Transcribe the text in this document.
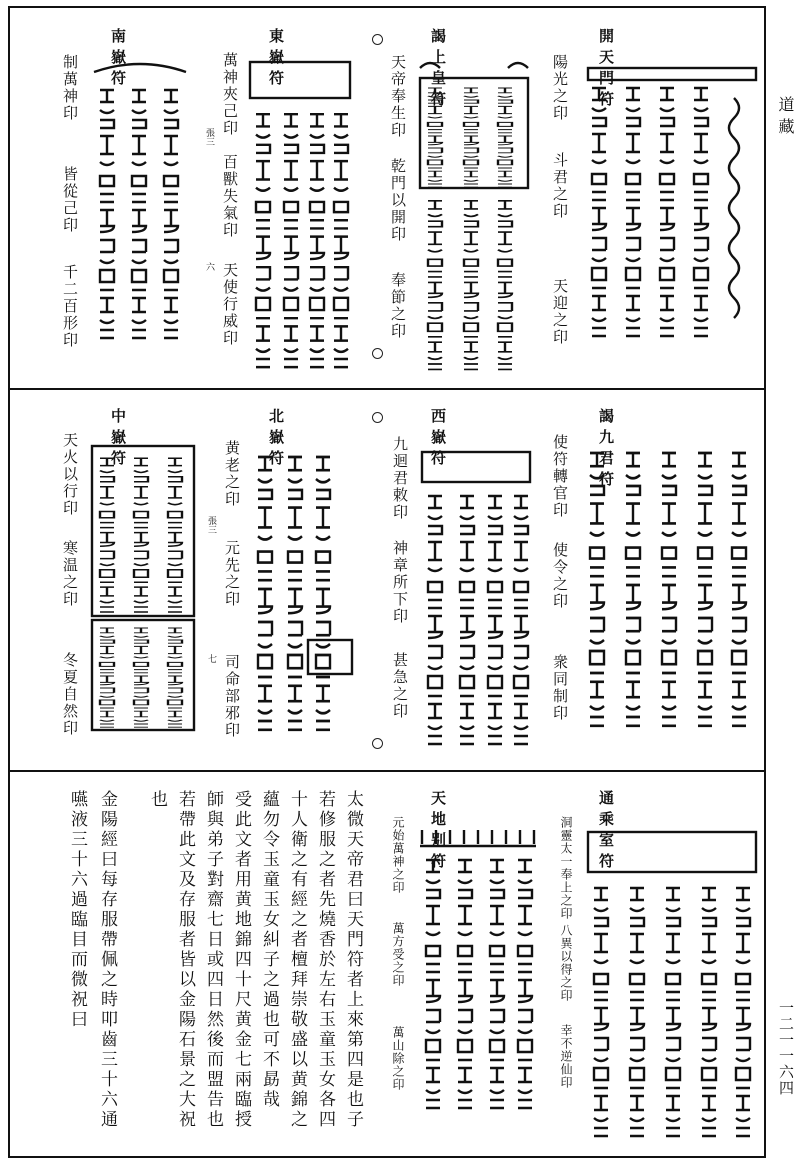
道藏
一二一一六四
開天門符
陽光之印
斗君之印
天迎之印
謁上皇符
天帝奉生印
乾門以開印
奉節之印
東嶽符
萬神夾己印
百獸失氣印
天使行威印
張三
六
南嶽符
制萬神印
皆從己印
千二百形印
謁九君符
使符轉官印
使令之印
衆同制印
西嶽符
九迴君敕印
神章所下印
甚急之印
北嶽符
黄老之印
元先之印
司命部邪印
張三
七
中嶽符
天火以行印
寒温之印
冬夏自然印
通乘室符
洞靈太一奉上之印
八異以得之印
幸不逆仙印
天地别符
元始萬神之印
萬方受之印
萬山除之印
太微天帝君曰天門符者上來第四是也子
若修服之者先燒香於左右玉童玉女各四
十人衛之有經之者檀拜崇敬盛以黄錦之
蘊勿令玉童玉女糾子之過也可不勗哉
受此文者用黄地錦四十尺黄金七兩臨授
師與弟子對齋七日或四日然後而盟告也
若帶此文及存服者皆以金陽石景之大祝
也
金陽經曰每存服帶佩之時叩齒三十六通
嚥液三十六過臨目而微祝曰
